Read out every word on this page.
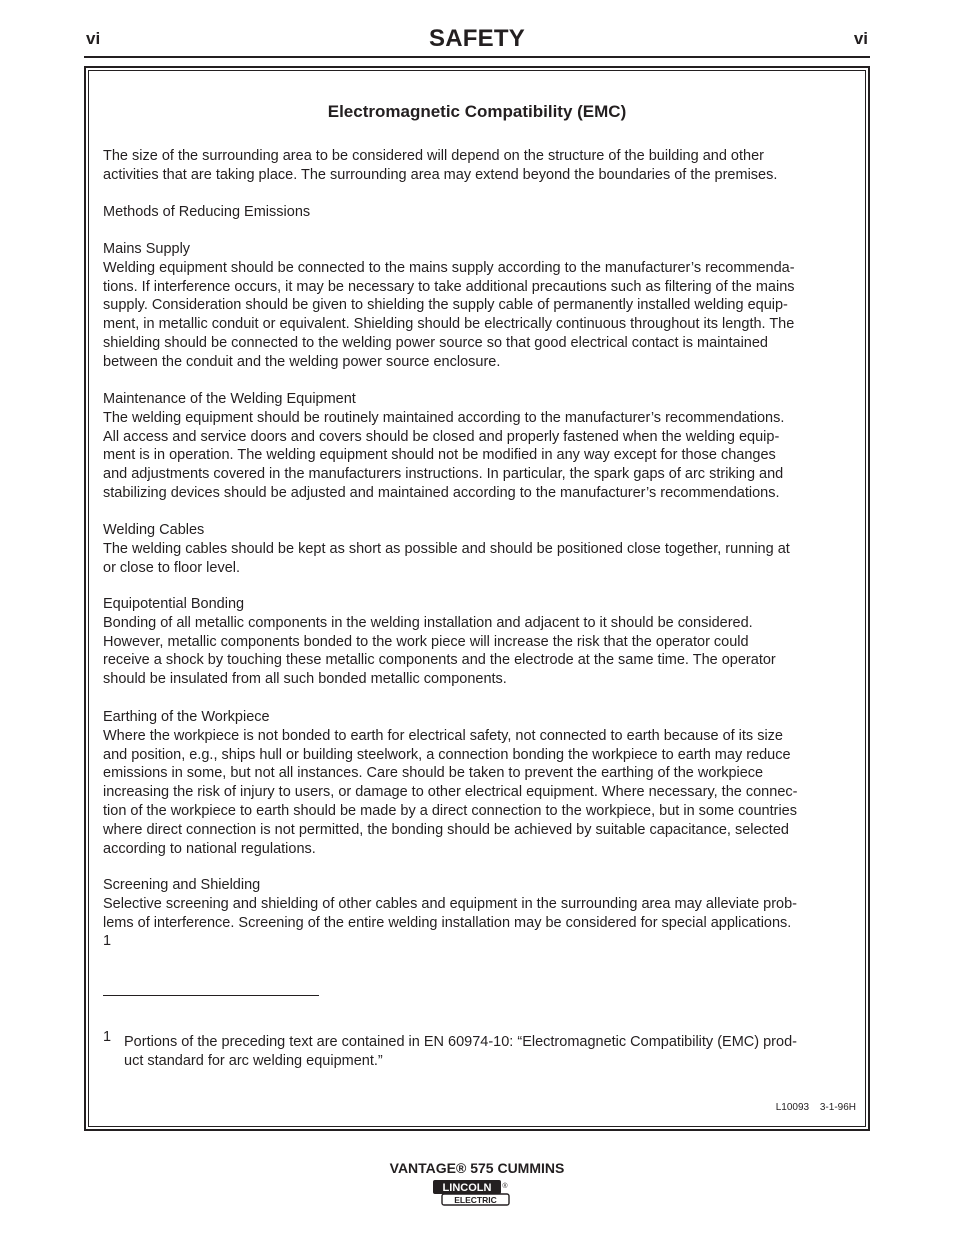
vi	SAFETY	vi
Electromagnetic Compatibility (EMC)

The size of the surrounding area to be considered will depend on the structure of the building and other

activities that are taking place. The surrounding area may extend beyond the boundaries of the premises.

Methods of Reducing Emissions

Mains Supply

Welding equipment should be connected to the mains supply according to the manufacturer’s recommenda-

tions. If interference occurs, it may be necessary to take additional precautions such as filtering of the mains

supply. Consideration should be given to shielding the supply cable of permanently installed welding equip-

ment, in metallic conduit or equivalent. Shielding should be electrically continuous throughout its length. The

shielding should be connected to the welding power source so that good electrical contact is maintained

between the conduit and the welding power source enclosure.

Maintenance of the Welding Equipment

The welding equipment should be routinely maintained according to the manufacturer’s recommendations.

All access and service doors and covers should be closed and properly fastened when the welding equip-

ment is in operation. The welding equipment should not be modified in any way except for those changes

and adjustments covered in the manufacturers instructions. In particular, the spark gaps of arc striking and

stabilizing devices should be adjusted and maintained according to the manufacturer’s recommendations.

Welding Cables

The welding cables should be kept as short as possible and should be positioned close together, running at

or close to floor level.

Equipotential Bonding

Bonding of all metallic components in the welding installation and adjacent to it should be considered.

However, metallic components bonded to the work piece will increase the risk that the operator could

receive a shock by touching these metallic components and the electrode at the same time. The operator

should be insulated from all such bonded metallic components.

Earthing of the Workpiece

Where the workpiece is not bonded to earth for electrical safety, not connected to earth because of its size

and position, e.g., ships hull or building steelwork, a connection bonding the workpiece to earth may reduce

emissions in some, but not all instances. Care should be taken to prevent the earthing of the workpiece

increasing the risk of injury to users, or damage to other electrical equipment. Where necessary, the connec-

tion of the workpiece to earth should be made by a direct connection to the workpiece, but in some countries

where direct connection is not permitted, the bonding should be achieved by suitable capacitance, selected

according to national regulations.

Screening and Shielding

Selective screening and shielding of other cables and equipment in the surrounding area may alleviate prob-

lems of interference. Screening of the entire welding installation may be considered for special applications.

1

1 Portions of the preceding text are contained in EN 60974-10: “Electromagnetic Compatibility (EMC) prod-
uct standard for arc welding equipment.”
L10093 3-1-96H
VANTAGE® 575 CUMMINS
LINCOLN ®
ELECTRIC
